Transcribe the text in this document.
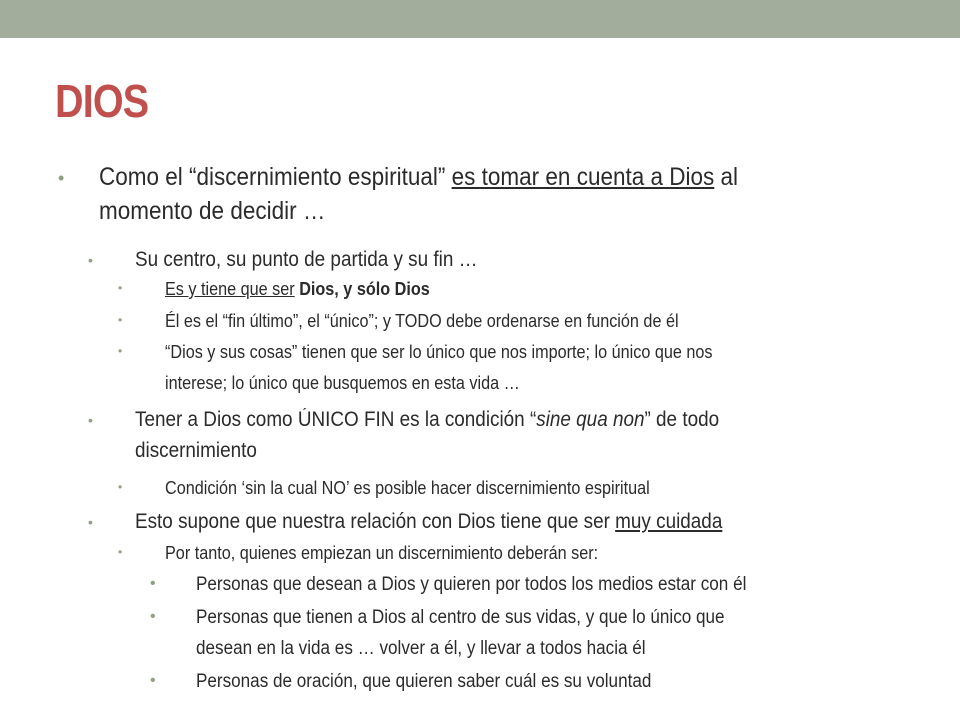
DIOS
• Como el “discernimiento espiritual” es tomar en cuenta a Dios al
momento de decidir …
• Su centro, su punto de partida y su fin …
• Es y tiene que ser Dios, y sólo Dios
• Él es el “fin último”, el “único”; y TODO debe ordenarse en función de él
• “Dios y sus cosas” tienen que ser lo único que nos importe; lo único que nos
interese; lo único que busquemos en esta vida …
• Tener a Dios como ÚNICO FIN es la condición “sine qua non” de todo
discernimiento
• Condición ‘sin la cual NO’ es posible hacer discernimiento espiritual
• Esto supone que nuestra relación con Dios tiene que ser muy cuidada
• Por tanto, quienes empiezan un discernimiento deberán ser:
• Personas que desean a Dios y quieren por todos los medios estar con él
• Personas que tienen a Dios al centro de sus vidas, y que lo único que
desean en la vida es … volver a él, y llevar a todos hacia él
• Personas de oración, que quieren saber cuál es su voluntad
